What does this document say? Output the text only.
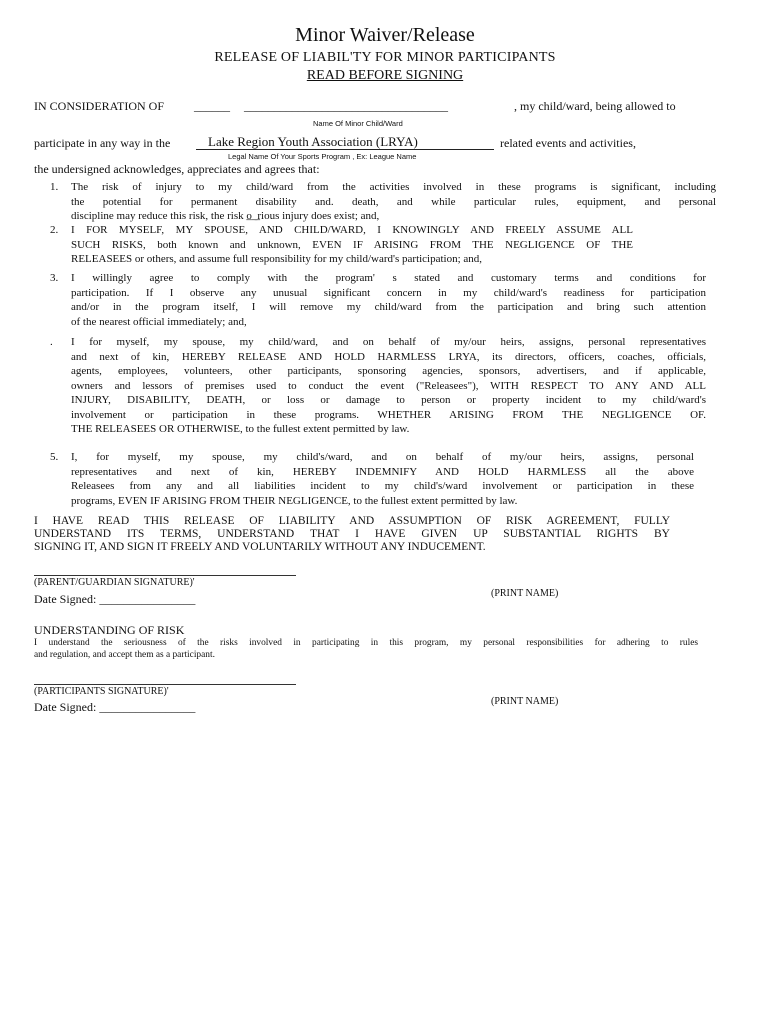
Minor Waiver/Release
RELEASE OF LIABIL'TY FOR MINOR PARTICIPANTS
READ BEFORE SIGNING
IN CONSIDERATION OF ______ __________________________________	, my child/ward, being allowed to
Name Of Minor Child/Ward
participate in any way in the	Lake Region Youth Association (LRYA)	related events and activities,
Legal Name Of Your Sports Program , Ex: League Name
the undersigned acknowledges, appreciates and agrees that:
1. The risk of injury to my child/ward from the activities involved in these programs is significant, including
the potential for permanent disability and. death, and while particular rules, equipment, and personal
discipline may reduce this risk, the risk o̲ ̲ ̲rious injury does exist; and,
2. I FOR MYSELF, MY SPOUSE, AND CHILD/WARD, I KNOWINGLY AND FREELY ASSUME ALL
SUCH RISKS, both known and unknown, EVEN IF ARISING FROM THE NEGLIGENCE OF THE
RELEASEES or others, and assume full responsibility for my child/ward's participation; and,
3. I willingly agree to comply with the program' s stated and customary terms and conditions for
participation. If I observe any unusual significant concern in my child/ward's readiness for participation
and/or in the program itself, I will remove my child/ward from the participation and bring such attention
of the nearest official immediately; and,
. I for myself, my spouse, my child/ward, and on behalf of my/our heirs, assigns, personal representatives
and next of kin, HEREBY RELEASE AND HOLD HARMLESS LRYA, its directors, officers, coaches, officials,
agents, employees, volunteers, other participants, sponsoring agencies, sponsors, advertisers, and if applicable,
owners and lessors of premises used to conduct the event ("Releasees"), WITH RESPECT TO ANY AND ALL
INJURY, DISABILITY, DEATH, or loss or damage to person or property incident to my child/ward's
involvement or participation in these programs. WHETHER ARISING FROM THE NEGLIGENCE OF.
THE RELEASEES OR OTHERWISE, to the fullest extent permitted by law.
5. I, for myself, my spouse, my child's/ward, and on behalf of my/our heirs, assigns, personal
representatives and next of kin, HEREBY INDEMNIFY AND HOLD HARMLESS all the above
Releasees from any and all liabilities incident to my child's/ward involvement or participation in these
programs, EVEN IF ARISING FROM THEIR NEGLIGENCE, to the fullest extent permitted by law.
I HAVE READ THIS RELEASE OF LIABILITY AND ASSUMPTION OF RISK AGREEMENT, FULLY
UNDERSTAND ITS TERMS, UNDERSTAND THAT I HAVE GIVEN UP SUBSTANTIAL RIGHTS BY
SIGNING IT, AND SIGN IT FREELY AND VOLUNTARILY WITHOUT ANY INDUCEMENT.
(PARENT/GUARDIAN SIGNATURE)'
Date Signed: ________________	(PRINT NAME)
UNDERSTANDING OF RISK
I understand the seriousness of the risks involved in participating in this program, my personal responsibilities for adhering to rules
and regulation, and accept them as a participant.
(PARTICIPANTS SIGNATURE)'
Date Signed: ________________	(PRINT NAME)
